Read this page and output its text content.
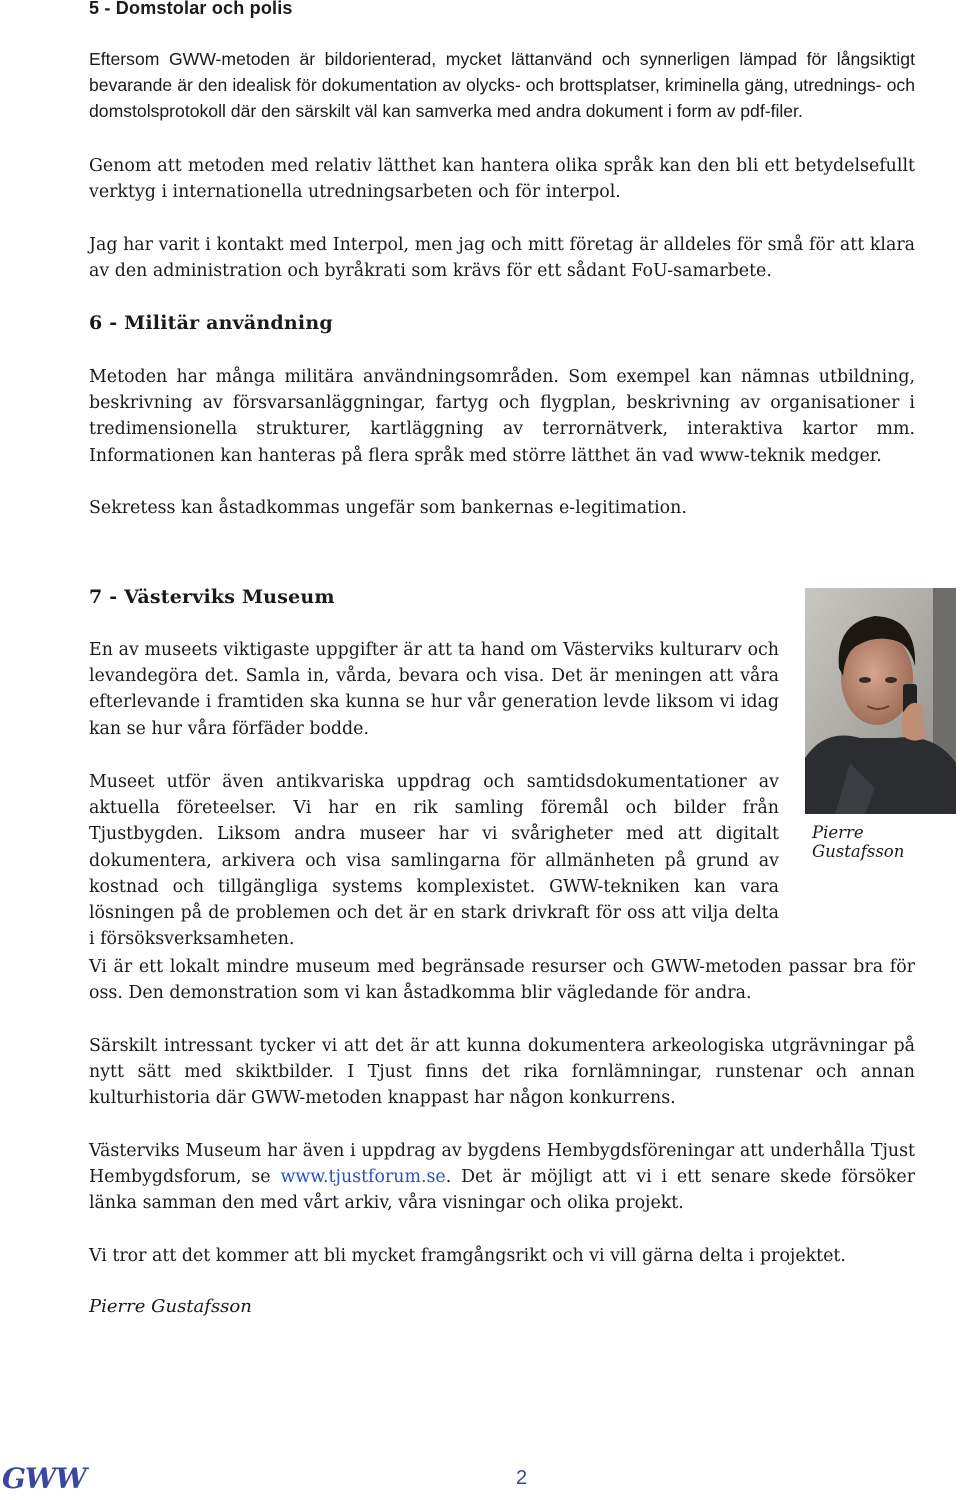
5 - Domstolar och polis

Eftersom GWW-metoden är bildorienterad, mycket lättanvänd och synnerligen lämpad för långsiktigt bevarande är den idealisk för dokumentation av olycks- och brottsplatser, kriminella gäng, utrednings- och domstolsprotokoll där den särskilt väl kan samverka med andra dokument i form av pdf-filer.

Genom att metoden med relativ lätthet kan hantera olika språk kan den bli ett betydelsefullt verktyg i internationella utredningsarbeten och för interpol.

Jag har varit i kontakt med Interpol, men jag och mitt företag är alldeles för små för att klara av den administration och byråkrati som krävs för ett sådant FoU-samarbete.

6 - Militär användning

Metoden har många militära användningsområden. Som exempel kan nämnas utbildning, beskrivning av försvarsanläggningar, fartyg och flygplan, beskrivning av organisationer i tredimensionella strukturer, kartläggning av terrornätverk, interaktiva kartor mm. Informationen kan hanteras på flera språk med större lätthet än vad www-teknik medger.

Sekretess kan åstadkommas ungefär som bankernas e-legitimation.

7 - Västerviks Museum

En av museets viktigaste uppgifter är att ta hand om Västerviks kulturarv och levandegöra det. Samla in, vårda, bevara och visa. Det är meningen att våra efterlevande i framtiden ska kunna se hur vår generation levde liksom vi idag kan se hur våra förfäder bodde.

Museet utför även antikvariska uppdrag och samtidsdokumentationer av aktuella företeelser. Vi har en rik samling föremål och bilder från Tjustbygden. Liksom andra museer har vi svårigheter med att digitalt dokumentera, arkivera och visa samlingarna för allmänheten på grund av kostnad och tillgängliga systems komplexistet. GWW-tekniken kan vara lösningen på de problemen och det är en stark drivkraft för oss att vilja delta i försöksverksamheten.

Pierre Gustafsson

Vi är ett lokalt mindre museum med begränsade resurser och GWW-metoden passar bra för oss. Den demonstration som vi kan åstadkomma blir vägledande för andra.

Särskilt intressant tycker vi att det är att kunna dokumentera arkeologiska utgrävningar på nytt sätt med skiktbilder. I Tjust finns det rika fornlämningar, runstenar och annan kulturhistoria där GWW-metoden knappast har någon konkurrens.

Västerviks Museum har även i uppdrag av bygdens Hembygdsföreningar att underhålla Tjust Hembygdsforum, se www.tjustforum.se. Det är möjligt att vi i ett senare skede försöker länka samman den med vårt arkiv, våra visningar och olika projekt.

Vi tror att det kommer att bli mycket framgångsrikt och vi vill gärna delta i projektet.

Pierre Gustafsson
GWW	2
